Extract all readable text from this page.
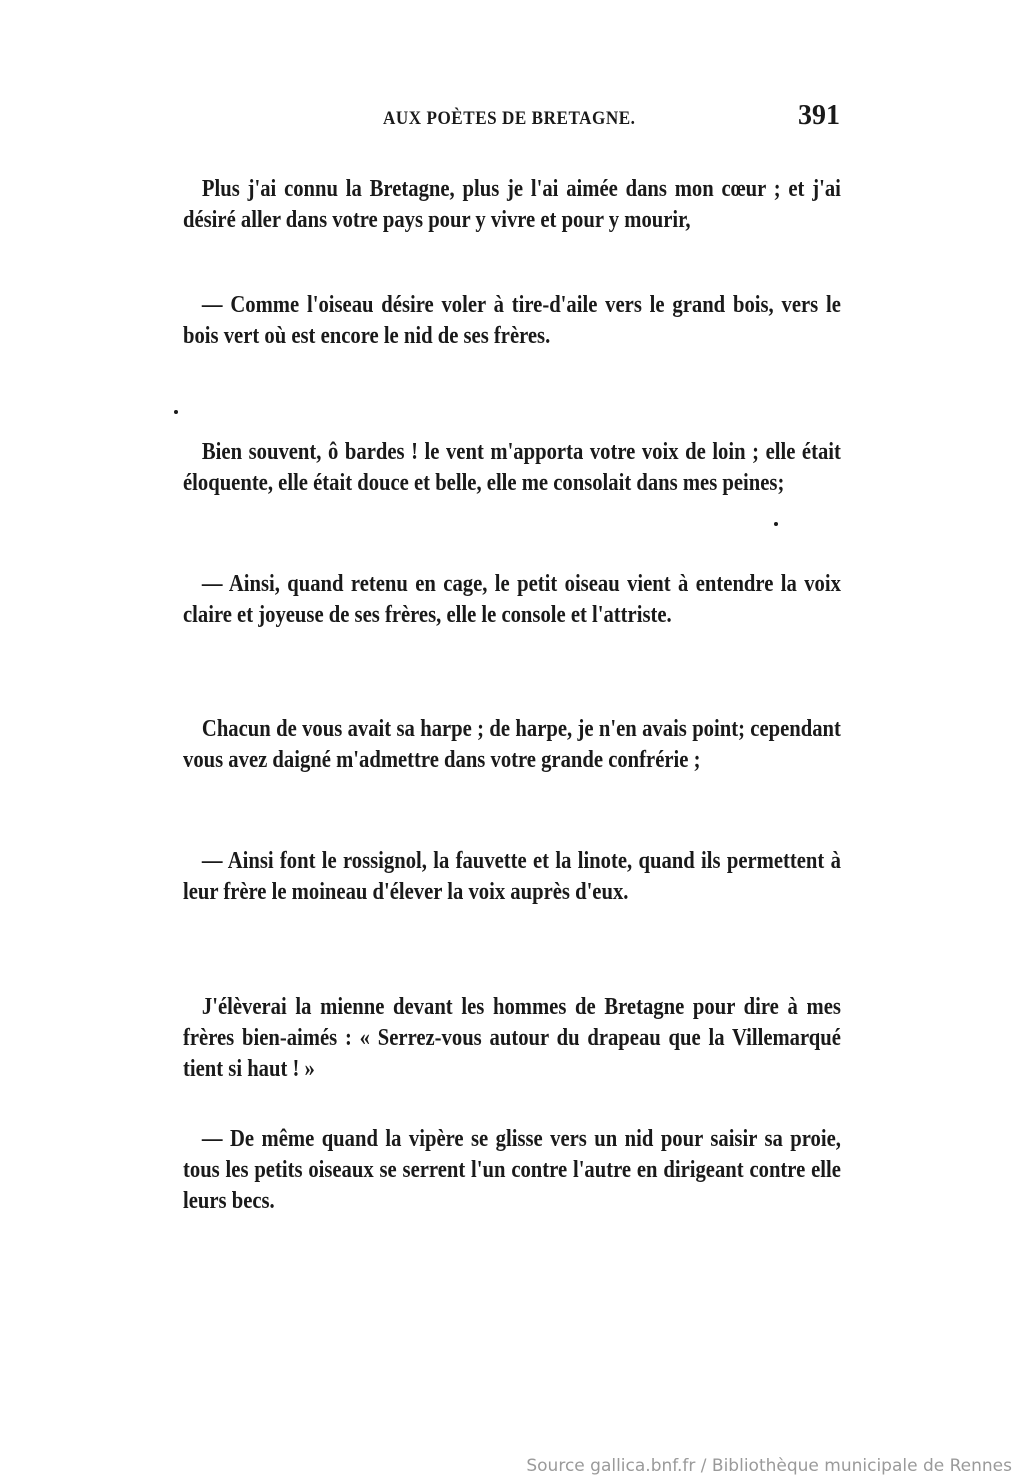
AUX POÈTES DE BRETAGNE.	391

Plus j'ai connu la Bretagne, plus je l'ai aimée dans mon cœur ; et j'ai désiré aller dans votre pays pour y vivre et pour y mourir,

— Comme l'oiseau désire voler à tire-d'aile vers le grand bois, vers le bois vert où est encore le nid de ses frères.

Bien souvent, ô bardes ! le vent m'apporta votre voix de loin ; elle était éloquente, elle était douce et belle, elle me consolait dans mes peines;

— Ainsi, quand retenu en cage, le petit oiseau vient à entendre la voix claire et joyeuse de ses frères, elle le console et l'attriste.

Chacun de vous avait sa harpe ; de harpe, je n'en avais point; cependant vous avez daigné m'admettre dans votre grande confrérie ;

— Ainsi font le rossignol, la fauvette et la linote, quand ils permettent à leur frère le moineau d'élever la voix auprès d'eux.

J'élèverai la mienne devant les hommes de Bretagne pour dire à mes frères bien-aimés : « Serrez-vous autour du drapeau que la Villemarqué tient si haut ! »

— De même quand la vipère se glisse vers un nid pour saisir sa proie, tous les petits oiseaux se serrent l'un contre l'autre en dirigeant contre elle leurs becs.

Source gallica.bnf.fr / Bibliothèque municipale de Rennes
